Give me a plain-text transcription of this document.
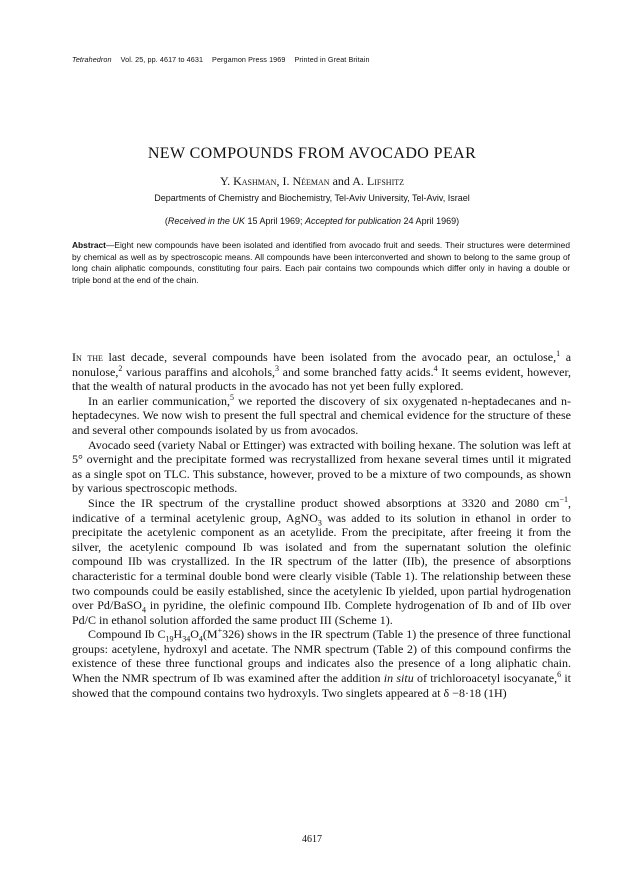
Tetrahedron Vol. 25, pp. 4617 to 4631 Pergamon Press 1969 Printed in Great Britain
NEW COMPOUNDS FROM AVOCADO PEAR
Y. Kashman, I. Néeman and A. Lifshitz
Departments of Chemistry and Biochemistry, Tel-Aviv University, Tel-Aviv, Israel
(Received in the UK 15 April 1969; Accepted for publication 24 April 1969)
Abstract—Eight new compounds have been isolated and identified from avocado fruit and seeds. Their structures were determined by chemical as well as by spectroscopic means. All compounds have been interconverted and shown to belong to the same group of long chain aliphatic compounds, constituting four pairs. Each pair contains two compounds which differ only in having a double or triple bond at the end of the chain.

In the last decade, several compounds have been isolated from the avocado pear, an octulose,$^1$ a nonulose,$^2$ various paraffins and alcohols,$^3$ and some branched fatty acids.$^4$ It seems evident, however, that the wealth of natural products in the avocado has not yet been fully explored.

In an earlier communication,$^5$ we reported the discovery of six oxygenated n-heptadecanes and n-heptadecynes. We now wish to present the full spectral and chemical evidence for the structure of these and several other compounds isolated by us from avocados.

Avocado seed (variety Nabal or Ettinger) was extracted with boiling hexane. The solution was left at 5° overnight and the precipitate formed was recrystallized from hexane several times until it migrated as a single spot on TLC. This substance, however, proved to be a mixture of two compounds, as shown by various spectroscopic methods.

Since the IR spectrum of the crystalline product showed absorptions at 3320 and 2080 $cm^{-1}$, indicative of a terminal acetylenic group, AgNO$_3$ was added to its solution in ethanol in order to precipitate the acetylenic component as an acetylide. From the precipitate, after freeing it from the silver, the acetylenic compound Ib was isolated and from the supernatant solution the olefinic compound IIb was crystallized. In the IR spectrum of the latter (IIb), the presence of absorptions characteristic for a terminal double bond were clearly visible (Table 1). The relationship between these two compounds could be easily established, since the acetylenic Ib yielded, upon partial hydrogenation over Pd/BaSO$_4$ in pyridine, the olefinic compound IIb. Complete hydrogenation of Ib and of IIb over Pd/C in ethanol solution afforded the same product III (Scheme 1).

Compound Ib $C_{19}H_{34}O_4(M^+326)$ shows in the IR spectrum (Table 1) the presence of three functional groups: acetylene, hydroxyl and acetate. The NMR spectrum (Table 2) of this compound confirms the existence of these three functional groups and indicates also the presence of a long aliphatic chain. When the NMR spectrum of Ib was examined after the addition in situ of trichloroacetyl isocyanate,$^6$ it showed that the compound contains two hydroxyls. Two singlets appeared at δ −8·18 (1H)

4617
